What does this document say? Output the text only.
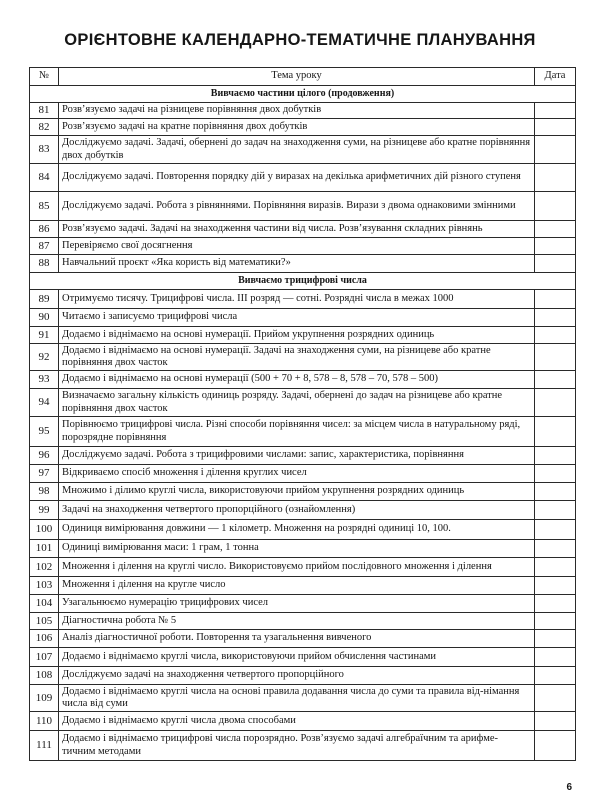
ОРІЄНТОВНЕ КАЛЕНДАРНО-ТЕМАТИЧНЕ ПЛАНУВАННЯ
№	Тема уроку	Дата
Вивчаємо частини цілого (продовження)		
81	Розв’язуємо задачі на різницеве порівняння двох добутків	
82	Розв’язуємо задачі на кратне порівняння двох добутків	
83	Досліджуємо задачі. Задачі, обернені до задач на знаходження суми, на різницеве або кратне порівняння двох добутків	
84	Досліджуємо задачі. Повторення порядку дій у виразах на декілька арифметичних дій різного ступеня	
85	Досліджуємо задачі. Робота з рівняннями. Порівняння виразів. Вирази з двома однаковими змінними	
86	Розв’язуємо задачі. Задачі на знаходження частини від числа. Розв’язування складних рівнянь	
87	Перевіряємо свої досягнення	
88	Навчальний проєкт «Яка користь від математики?»	
Вивчаємо трицифрові числа		
89	Отримуємо тисячу. Трицифрові числа. ІІІ розряд — сотні. Розрядні числа в межах 1000	
90	Читаємо і записуємо трицифрові числа	
91	Додаємо і віднімаємо на основі нумерації. Прийом укрупнення розрядних одиниць	
92	Додаємо і віднімаємо на основі нумерації. Задачі на знаходження суми, на різницеве або кратне порівняння двох часток	
93	Додаємо і віднімаємо на основі нумерації (500 + 70 + 8, 578 – 8, 578 – 70, 578 – 500)	
94	Визначаємо загальну кількість одиниць розряду. Задачі, обернені до задач на різницеве або кратне порівняння двох часток	
95	Порівнюємо трицифрові числа. Різні способи порівняння чисел: за місцем числа в натуральному ряді, порозрядне порівняння	
96	Досліджуємо задачі. Робота з трицифровими числами: запис, характеристика, порівняння	
97	Відкриваємо спосіб множення і ділення круглих чисел	
98	Множимо і ділимо круглі числа, використовуючи прийом укрупнення розрядних одиниць	
99	Задачі на знаходження четвертого пропорційного (ознайомлення)	
100	Одиниця вимірювання довжини — 1 кілометр. Множення на розрядні одиниці 10, 100.	
101	Одиниці вимірювання маси: 1 грам, 1 тонна	
102	Множення і ділення на круглі число. Використовуємо прийом послідовного множення і ділення	
103	Множення і ділення на кругле число	
104	Узагальнюємо нумерацію трицифрових чисел	
105	Діагностична робота № 5	
106	Аналіз діагностичної роботи. Повторення та узагальнення вивченого	
107	Додаємо і віднімаємо круглі числа, використовуючи прийом обчислення частинами	
108	Досліджуємо задачі на знаходження четвертого пропорційного	
109	Додаємо і віднімаємо круглі числа на основі правила додавання числа до суми та правила від-німання числа від суми	
110	Додаємо і віднімаємо круглі числа двома способами	
111	Додаємо і віднімаємо трицифрові числа порозрядно. Розв’язуємо задачі алгебраїчним та арифме-тичним методами	
6
